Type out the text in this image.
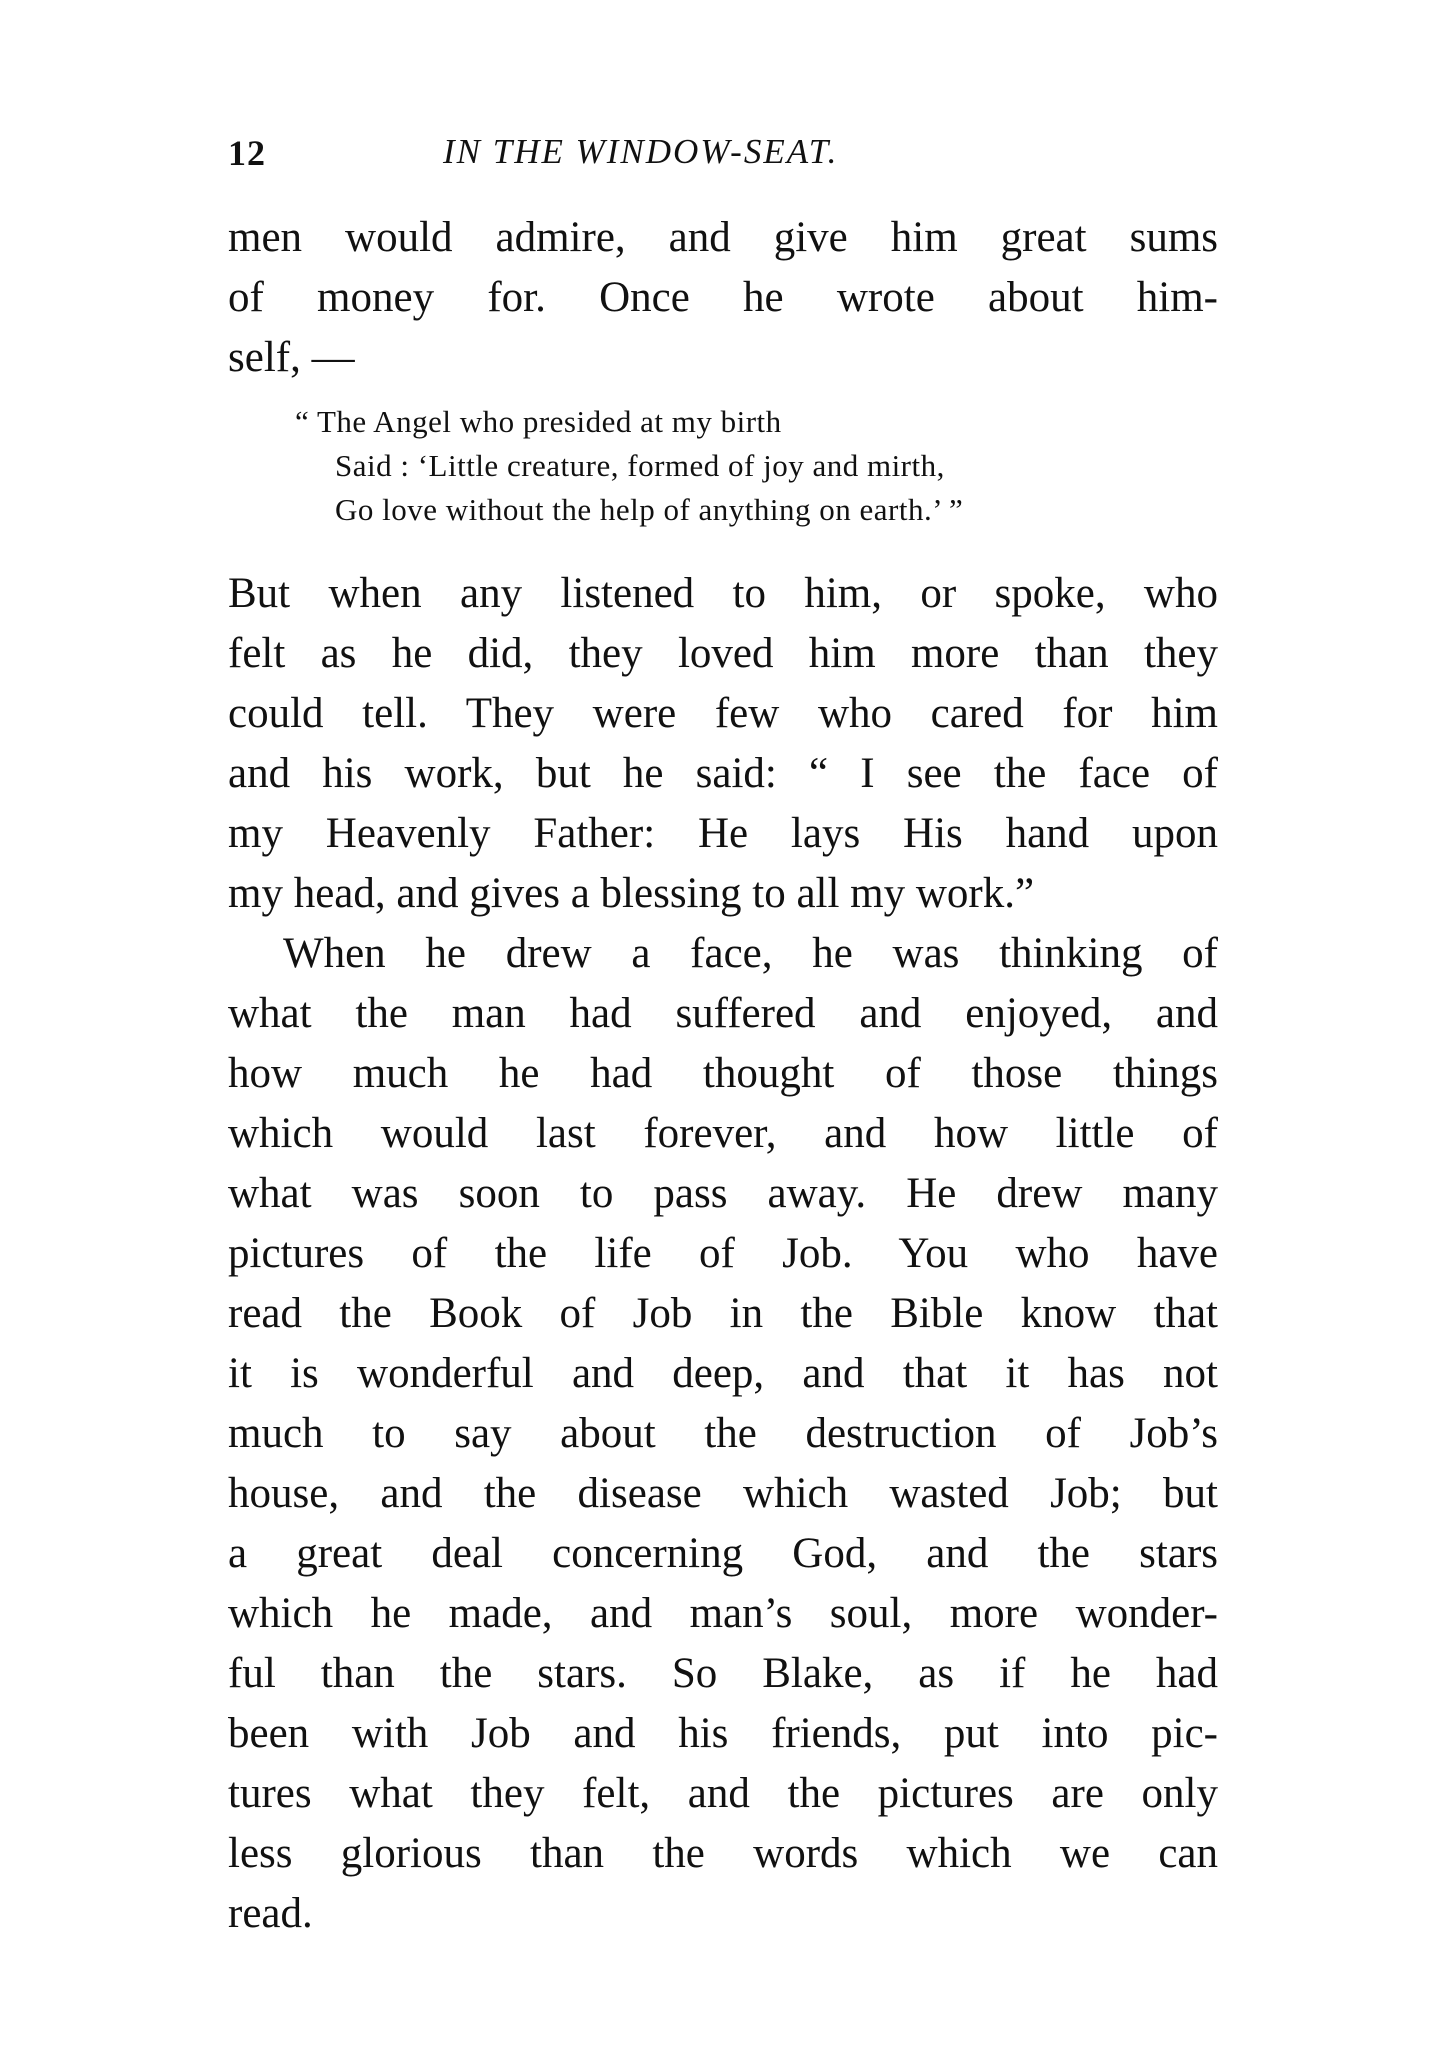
12	IN THE WINDOW-SEAT.
men would admire, and give him great sums
of money for. Once he wrote about him-
self, —
“ The Angel who presided at my birth
Said : ‘Little creature, formed of joy and mirth,
Go love without the help of anything on earth.’ ”
But when any listened to him, or spoke, who
felt as he did, they loved him more than they
could tell. They were few who cared for him
and his work, but he said: “ I see the face of
my Heavenly Father: He lays His hand upon
my head, and gives a blessing to all my work.”
When he drew a face, he was thinking of
what the man had suffered and enjoyed, and
how much he had thought of those things
which would last forever, and how little of
what was soon to pass away. He drew many
pictures of the life of Job. You who have
read the Book of Job in the Bible know that
it is wonderful and deep, and that it has not
much to say about the destruction of Job’s
house, and the disease which wasted Job; but
a great deal concerning God, and the stars
which he made, and man’s soul, more wonder-
ful than the stars. So Blake, as if he had
been with Job and his friends, put into pic-
tures what they felt, and the pictures are only
less glorious than the words which we can
read.
